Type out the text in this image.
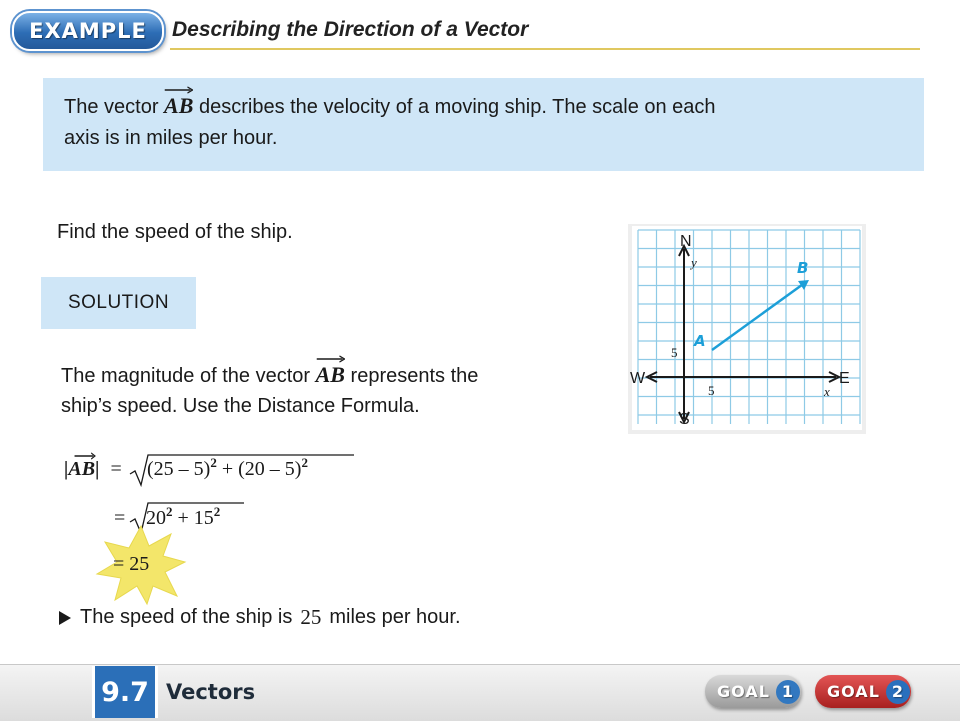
EXAMPLE	Describing the Direction of a Vector
The vector AB describes the velocity of a moving ship. The scale on each
axis is in miles per hour.
Find the speed of the ship.
SOLUTION
The magnitude of the vector AB represents the
ship’s speed. Use the Distance Formula.
|AB| = (25 – 5)$^2$ + (20 – 5)$^2$
= $20^2 + 15^2$
= 25
The speed of the ship is 25 miles per hour.
N
S
E
W
y
x
A
B
5
5
9.7 Vectors	GOAL 1	GOAL 2
